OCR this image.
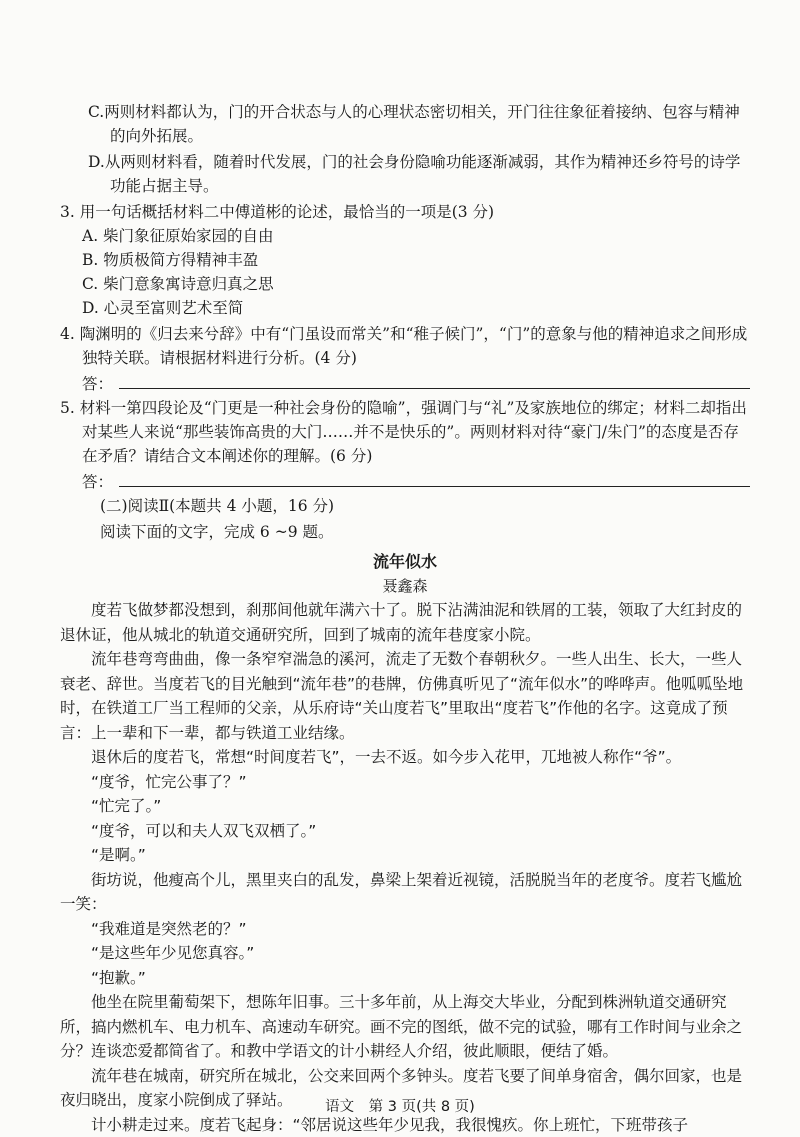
C.两则材料都认为，门的开合状态与人的心理状态密切相关，开门往往象征着接纳、包容与精神的向外拓展。

D.从两则材料看，随着时代发展，门的社会身份隐喻功能逐渐减弱，其作为精神还乡符号的诗学功能占据主导。

3. 用一句话概括材料二中傅道彬的论述，最恰当的一项是(3 分)

A. 柴门象征原始家园的自由

B. 物质极简方得精神丰盈

C. 柴门意象寓诗意归真之思

D. 心灵至富则艺术至简

4. 陶渊明的《归去来兮辞》中有“门虽设而常关”和“稚子候门”，“门”的意象与他的精神追求之间形成独特关联。请根据材料进行分析。(4 分)

答：

5. 材料一第四段论及“门更是一种社会身份的隐喻”，强调门与“礼”及家族地位的绑定；材料二却指出对某些人来说“那些装饰高贵的大门……并不是快乐的”。两则材料对待“豪门/朱门”的态度是否存在矛盾？请结合文本阐述你的理解。(6 分)

答：

(二)阅读Ⅱ(本题共 4 小题，16 分)

阅读下面的文字，完成 6 ~9 题。

流年似水

聂鑫森

度若飞做梦都没想到，刹那间他就年满六十了。脱下沾满油泥和铁屑的工装，领取了大红封皮的退休证，他从城北的轨道交通研究所，回到了城南的流年巷度家小院。

流年巷弯弯曲曲，像一条窄窄湍急的溪河，流走了无数个春朝秋夕。一些人出生、长大，一些人衰老、辞世。当度若飞的目光触到“流年巷”的巷牌，仿佛真听见了“流年似水”的哗哗声。他呱呱坠地时，在铁道工厂当工程师的父亲，从乐府诗“关山度若飞”里取出“度若飞”作他的名字。这竟成了预言：上一辈和下一辈，都与铁道工业结缘。

退休后的度若飞，常想“时间度若飞”，一去不返。如今步入花甲，兀地被人称作“爷”。

“度爷，忙完公事了？”

“忙完了。”

“度爷，可以和夫人双飞双栖了。”

“是啊。”

街坊说，他瘦高个儿，黑里夹白的乱发，鼻梁上架着近视镜，活脱脱当年的老度爷。度若飞尴尬一笑：

“我难道是突然老的？”

“是这些年少见您真容。”

“抱歉。”

他坐在院里葡萄架下，想陈年旧事。三十多年前，从上海交大毕业，分配到株洲轨道交通研究所，搞内燃机车、电力机车、高速动车研究。画不完的图纸，做不完的试验，哪有工作时间与业余之分？连谈恋爱都简省了。和教中学语文的计小耕经人介绍，彼此顺眼，便结了婚。

流年巷在城南，研究所在城北，公交来回两个多钟头。度若飞要了间单身宿舍，偶尔回家，也是夜归晓出，度家小院倒成了驿站。

计小耕走过来。度若飞起身：“邻居说这些年少见我，我很愧疚。你上班忙，下班带孩子

语文　第 3 页(共 8 页)
